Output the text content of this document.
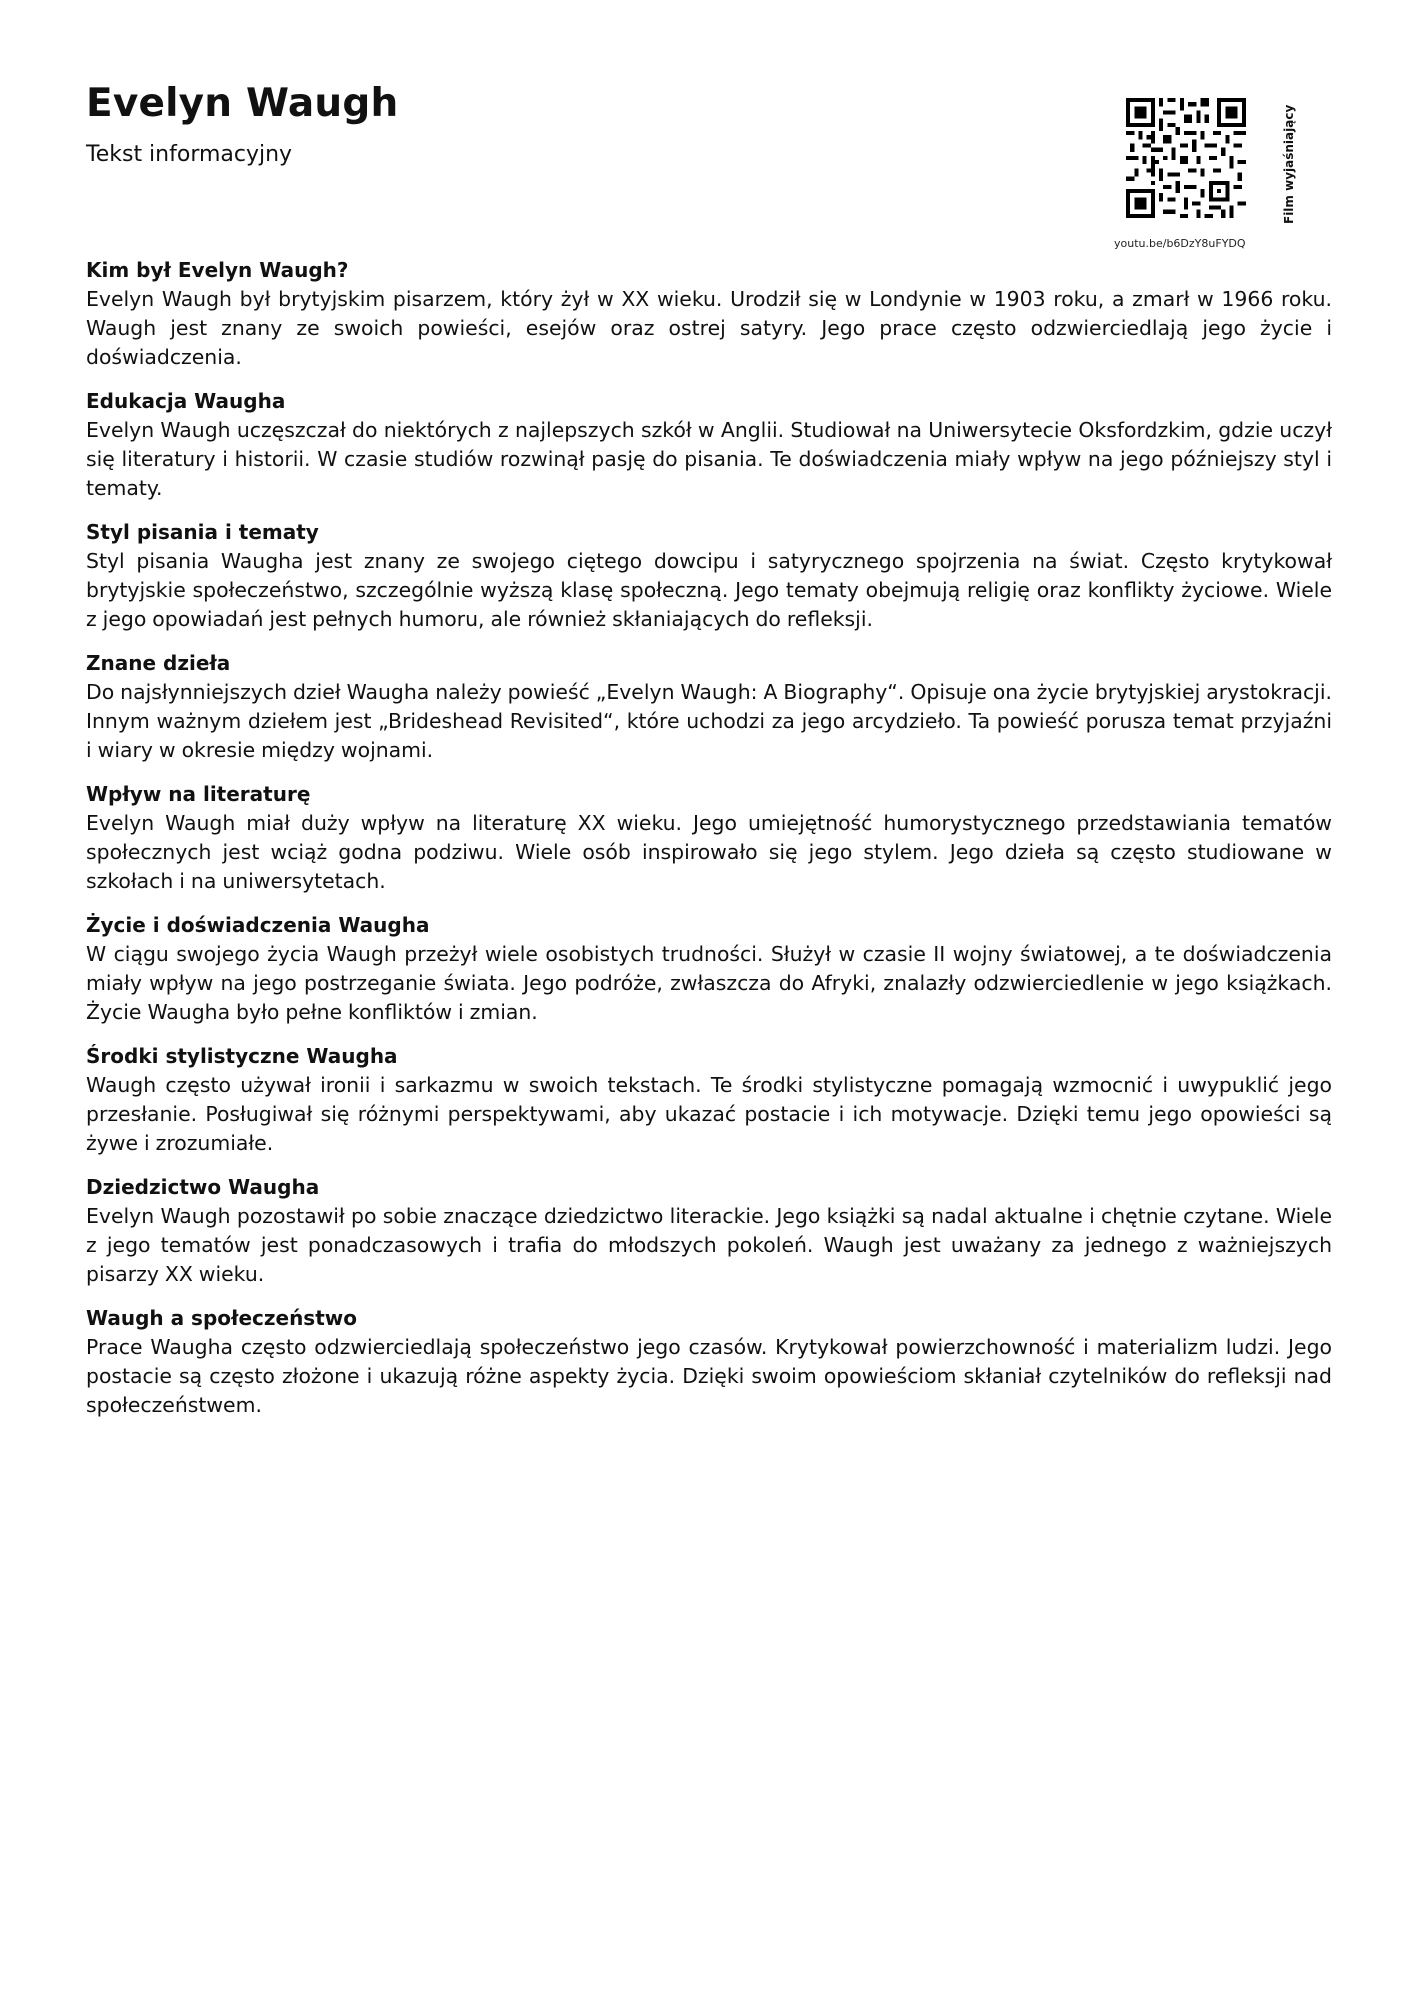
Evelyn Waugh

Tekst informacyjny

youtu.be/b6DzY8uFYDQ
Film wyjaśniający
Kim był Evelyn Waugh?

Evelyn Waugh był brytyjskim pisarzem, który żył w XX wieku. Urodził się w Londynie w 1903 roku, a zmarł w 1966 roku. Waugh jest znany ze swoich powieści, esejów oraz ostrej satyry. Jego prace często odzwierciedlają jego życie i doświadczenia.

Edukacja Waugha

Evelyn Waugh uczęszczał do niektórych z najlepszych szkół w Anglii. Studiował na Uniwersytecie Oksfordzkim, gdzie uczył się literatury i historii. W czasie studiów rozwinął pasję do pisania. Te doświadczenia miały wpływ na jego późniejszy styl i tematy.

Styl pisania i tematy

Styl pisania Waugha jest znany ze swojego ciętego dowcipu i satyrycznego spojrzenia na świat. Często krytykował brytyjskie społeczeństwo, szczególnie wyższą klasę społeczną. Jego tematy obejmują religię oraz konflikty życiowe. Wiele z jego opowiadań jest pełnych humoru, ale również skłaniających do refleksji.

Znane dzieła

Do najsłynniejszych dzieł Waugha należy powieść „Evelyn Waugh: A Biography“. Opisuje ona życie brytyjskiej arystokracji. Innym ważnym dziełem jest „Brideshead Revisited“, które uchodzi za jego arcydzieło. Ta powieść porusza temat przyjaźni i wiary w okresie między wojnami.

Wpływ na literaturę

Evelyn Waugh miał duży wpływ na literaturę XX wieku. Jego umiejętność humorystycznego przedstawiania tematów społecznych jest wciąż godna podziwu. Wiele osób inspirowało się jego stylem. Jego dzieła są często studiowane w szkołach i na uniwersytetach.

Życie i doświadczenia Waugha

W ciągu swojego życia Waugh przeżył wiele osobistych trudności. Służył w czasie II wojny światowej, a te doświadczenia miały wpływ na jego postrzeganie świata. Jego podróże, zwłaszcza do Afryki, znalazły odzwierciedlenie w jego książkach. Życie Waugha było pełne konfliktów i zmian.

Środki stylistyczne Waugha

Waugh często używał ironii i sarkazmu w swoich tekstach. Te środki stylistyczne pomagają wzmocnić i uwypuklić jego przesłanie. Posługiwał się różnymi perspektywami, aby ukazać postacie i ich motywacje. Dzięki temu jego opowieści są żywe i zrozumiałe.

Dziedzictwo Waugha

Evelyn Waugh pozostawił po sobie znaczące dziedzictwo literackie. Jego książki są nadal aktualne i chętnie czytane. Wiele z jego tematów jest ponadczasowych i trafia do młodszych pokoleń. Waugh jest uważany za jednego z ważniejszych pisarzy XX wieku.

Waugh a społeczeństwo

Prace Waugha często odzwierciedlają społeczeństwo jego czasów. Krytykował powierzchowność i materializm ludzi. Jego postacie są często złożone i ukazują różne aspekty życia. Dzięki swoim opowieściom skłaniał czytelników do refleksji nad społeczeństwem.
